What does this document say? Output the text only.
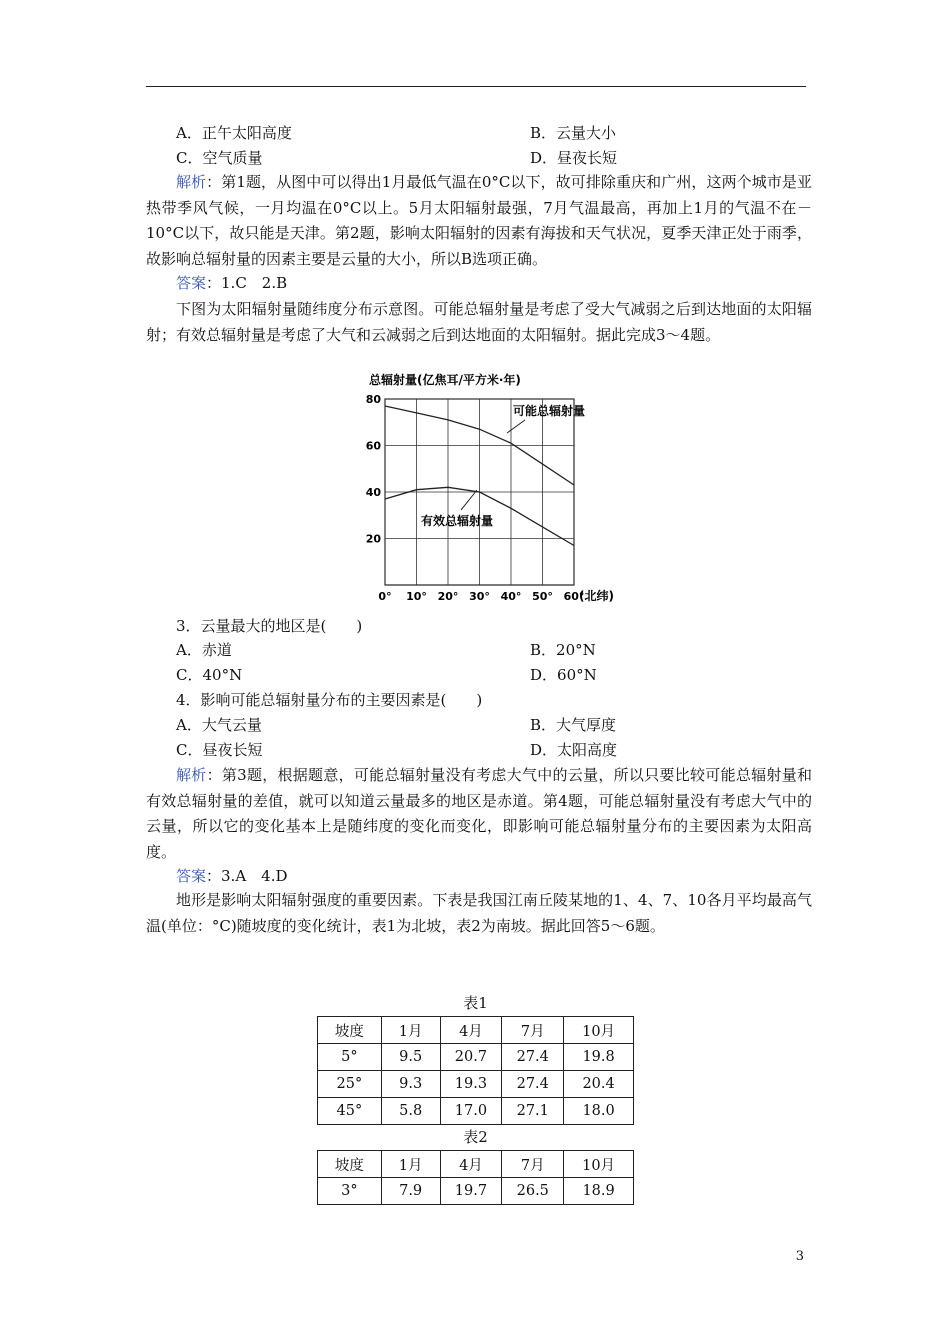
A．正午太阳高度	B．云量大小
C．空气质量	D．昼夜长短
解析：第1题，从图中可以得出1月最低气温在0°C以下，故可排除重庆和广州，这两个城市是亚热带季风气候，一月均温在0°C以上。5月太阳辐射最强，7月气温最高，再加上1月的气温不在－10°C以下，故只能是天津。第2题，影响太阳辐射的因素有海拔和天气状况，夏季天津正处于雨季，故影响总辐射量的因素主要是云量的大小，所以B选项正确。
答案：1.C　2.B
下图为太阳辐射量随纬度分布示意图。可能总辐射量是考虑了受大气减弱之后到达地面的太阳辐射；有效总辐射量是考虑了大气和云减弱之后到达地面的太阳辐射。据此完成3～4题。
总辐射量(亿焦耳/平方米·年)
20
40
60
80
0° 10° 20° 30° 40° 50° 60°
可能总辐射量
有效总辐射量
(北纬)
3．云量最大的地区是(　　)
A．赤道	B．20°N
C．40°N	D．60°N
4．影响可能总辐射量分布的主要因素是(　　)
A．大气云量	B．大气厚度
C．昼夜长短	D．太阳高度
解析：第3题，根据题意，可能总辐射量没有考虑大气中的云量，所以只要比较可能总辐射量和有效总辐射量的差值，就可以知道云量最多的地区是赤道。第4题，可能总辐射量没有考虑大气中的云量，所以它的变化基本上是随纬度的变化而变化，即影响可能总辐射量分布的主要因素为太阳高度。
答案：3.A　4.D
地形是影响太阳辐射强度的重要因素。下表是我国江南丘陵某地的1、4、7、10各月平均最高气温(单位：°C)随坡度的变化统计，表1为北坡，表2为南坡。据此回答5～6题。
表1
坡度	1月	4月	7月	10月
5°	9.5	20.7	27.4	19.8
25°	9.3	19.3	27.4	20.4
45°	5.8	17.0	27.1	18.0
表2
坡度	1月	4月	7月	10月
3°	7.9	19.7	26.5	18.9
3
